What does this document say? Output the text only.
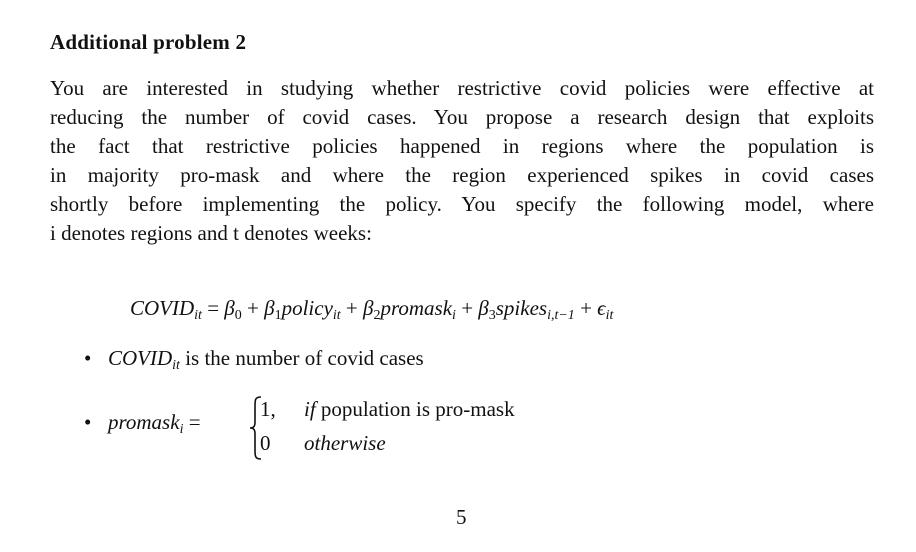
Additional problem 2
You are interested in studying whether restrictive covid policies were effective at
reducing the number of covid cases. You propose a research design that exploits
the fact that restrictive policies happened in regions where the population is
in majority pro-mask and where the region experienced spikes in covid cases
shortly before implementing the policy. You specify the following model, where
i denotes regions and t denotes weeks:
$COVID_{it} = \beta_0$ + $\beta_1policy_{it}$ + $\beta_2promask_i$ + $\beta_3spikes_{i,t-1} + \epsilon_{it}$
• $COVID_{it}$ is the number of covid cases
• promask$_i$ =
1, if population is pro-mask
0 otherwise
5
